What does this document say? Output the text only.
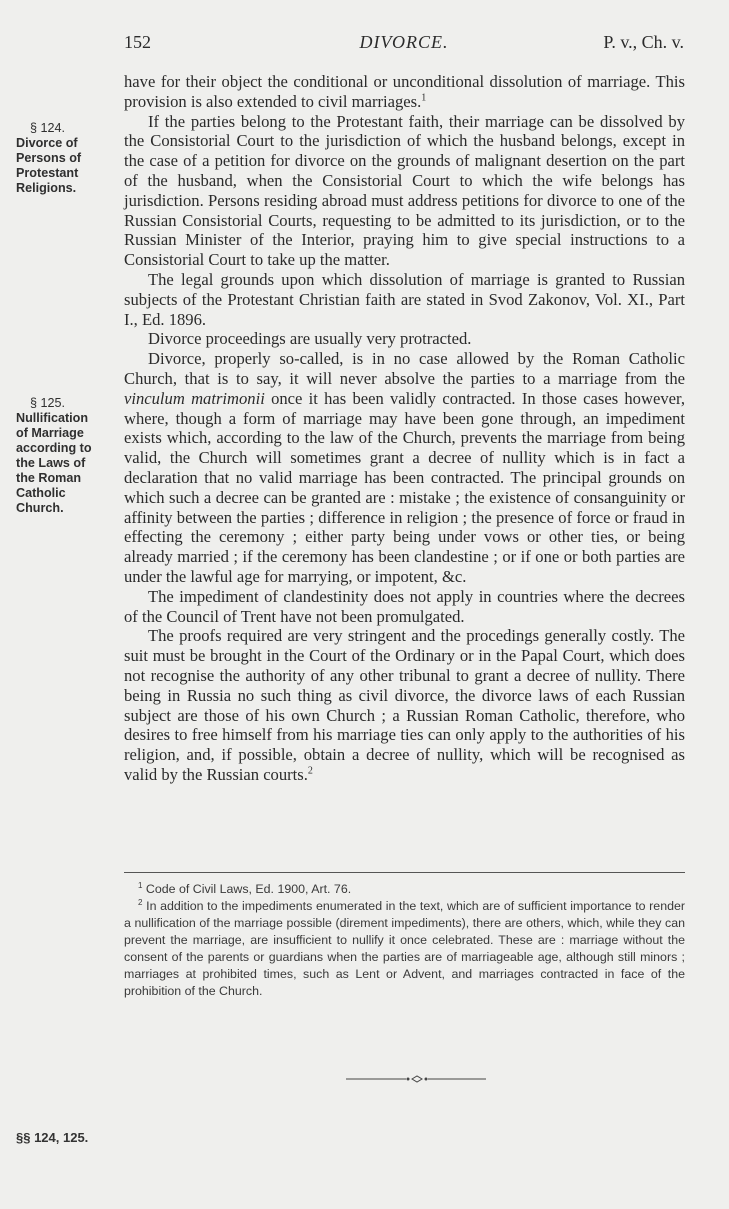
152	DIVORCE.	P. v., Ch. v.
§ 124.
Divorce of
Persons of
Protestant
Religions.
§ 125.
Nullification
of Marriage
according to
the Laws of
the Roman
Catholic
Church.

have for their object the conditional or unconditional dissolution of marriage. This provision is also extended to civil marriages.$^1$

If the parties belong to the Protestant faith, their marriage can be dissolved by the Consistorial Court to the jurisdiction of which the husband belongs, except in the case of a petition for divorce on the grounds of malignant desertion on the part of the husband, when the Consistorial Court to which the wife belongs has jurisdiction. Persons residing abroad must address petitions for divorce to one of the Russian Consistorial Courts, requesting to be admitted to its jurisdiction, or to the Russian Minister of the Interior, praying him to give special instructions to a Consistorial Court to take up the matter.

The legal grounds upon which dissolution of marriage is granted to Russian subjects of the Protestant Christian faith are stated in Svod Zakonov, Vol. XI., Part I., Ed. 1896.

Divorce proceedings are usually very protracted.

Divorce, properly so-called, is in no case allowed by the Roman Catholic Church, that is to say, it will never absolve the parties to a marriage from the vinculum matrimonii once it has been validly contracted. In those cases however, where, though a form of marriage may have been gone through, an impediment exists which, according to the law of the Church, prevents the marriage from being valid, the Church will sometimes grant a decree of nullity which is in fact a declaration that no valid marriage has been contracted. The principal grounds on which such a decree can be granted are : mistake ; the existence of consanguinity or affinity between the parties ; difference in religion ; the presence of force or fraud in effecting the ceremony ; either party being under vows or other ties, or being already married ; if the ceremony has been clandestine ; or if one or both parties are under the lawful age for marrying, or impotent, &c.

The impediment of clandestinity does not apply in countries where the decrees of the Council of Trent have not been promulgated.

The proofs required are very stringent and the procedings generally costly. The suit must be brought in the Court of the Ordinary or in the Papal Court, which does not recognise the authority of any other tribunal to grant a decree of nullity. There being in Russia no such thing as civil divorce, the divorce laws of each Russian subject are those of his own Church ; a Russian Roman Catholic, therefore, who desires to free himself from his marriage ties can only apply to the authorities of his religion, and, if possible, obtain a decree of nullity, which will be recognised as valid by the Russian courts.$^2$

$^1$ Code of Civil Laws, Ed. 1900, Art. 76.

$^2$ In addition to the impediments enumerated in the text, which are of sufficient importance to render a nullification of the marriage possible (direment impediments), there are others, which, while they can prevent the marriage, are insufficient to nullify it once celebrated. These are : marriage without the consent of the parents or guardians when the parties are of marriageable age, although still minors ; marriages at prohibited times, such as Lent or Advent, and marriages contracted in face of the prohibition of the Church.

§§ 124, 125.
